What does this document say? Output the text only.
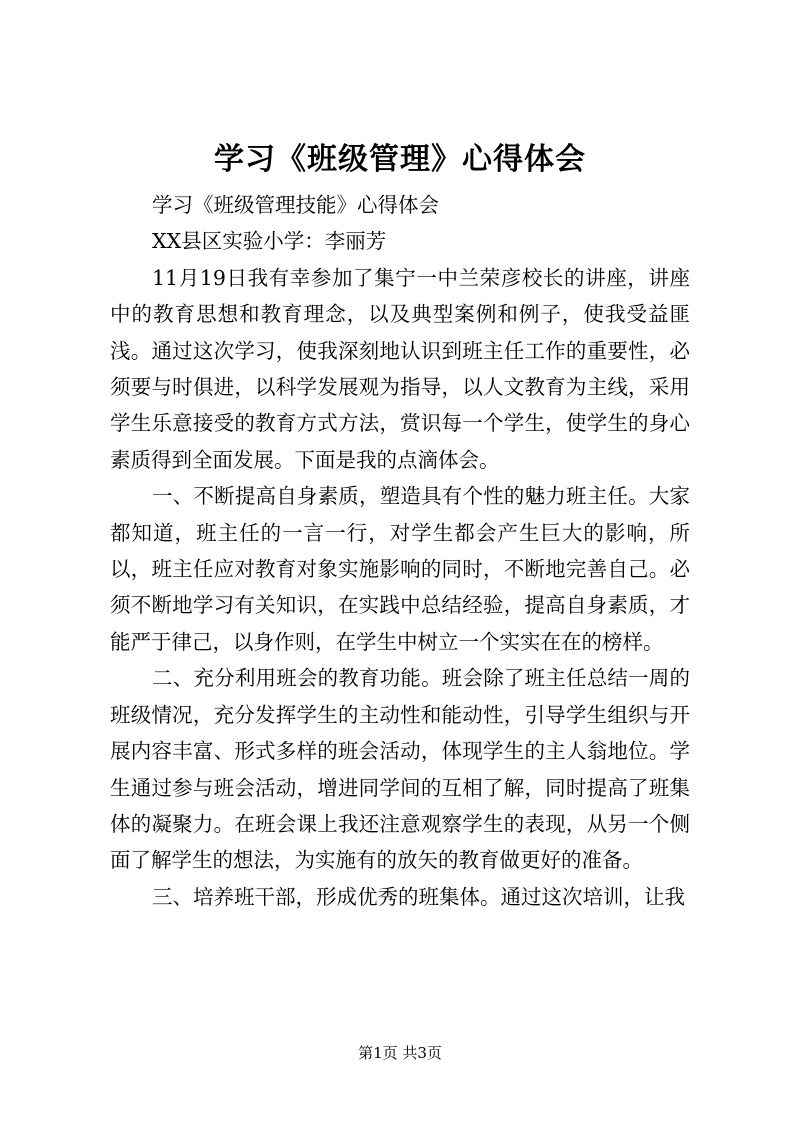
学习《班级管理》心得体会

学习《班级管理技能》心得体会

XX县区实验小学：李丽芳

11月19日我有幸参加了集宁一中兰荣彦校长的讲座，讲座中的教育思想和教育理念，以及典型案例和例子，使我受益匪浅。通过这次学习，使我深刻地认识到班主任工作的重要性，必须要与时俱进，以科学发展观为指导，以人文教育为主线，采用学生乐意接受的教育方式方法，赏识每一个学生，使学生的身心素质得到全面发展。下面是我的点滴体会。

一、不断提高自身素质，塑造具有个性的魅力班主任。大家都知道，班主任的一言一行，对学生都会产生巨大的影响，所以，班主任应对教育对象实施影响的同时，不断地完善自己。必须不断地学习有关知识，在实践中总结经验，提高自身素质，才能严于律己，以身作则，在学生中树立一个实实在在的榜样。

二、充分利用班会的教育功能。班会除了班主任总结一周的班级情况，充分发挥学生的主动性和能动性，引导学生组织与开展内容丰富、形式多样的班会活动，体现学生的主人翁地位。学生通过参与班会活动，增进同学间的互相了解，同时提高了班集体的凝聚力。在班会课上我还注意观察学生的表现，从另一个侧面了解学生的想法，为实施有的放矢的教育做更好的准备。

三、培养班干部，形成优秀的班集体。通过这次培训，让我

第1页 共3页
